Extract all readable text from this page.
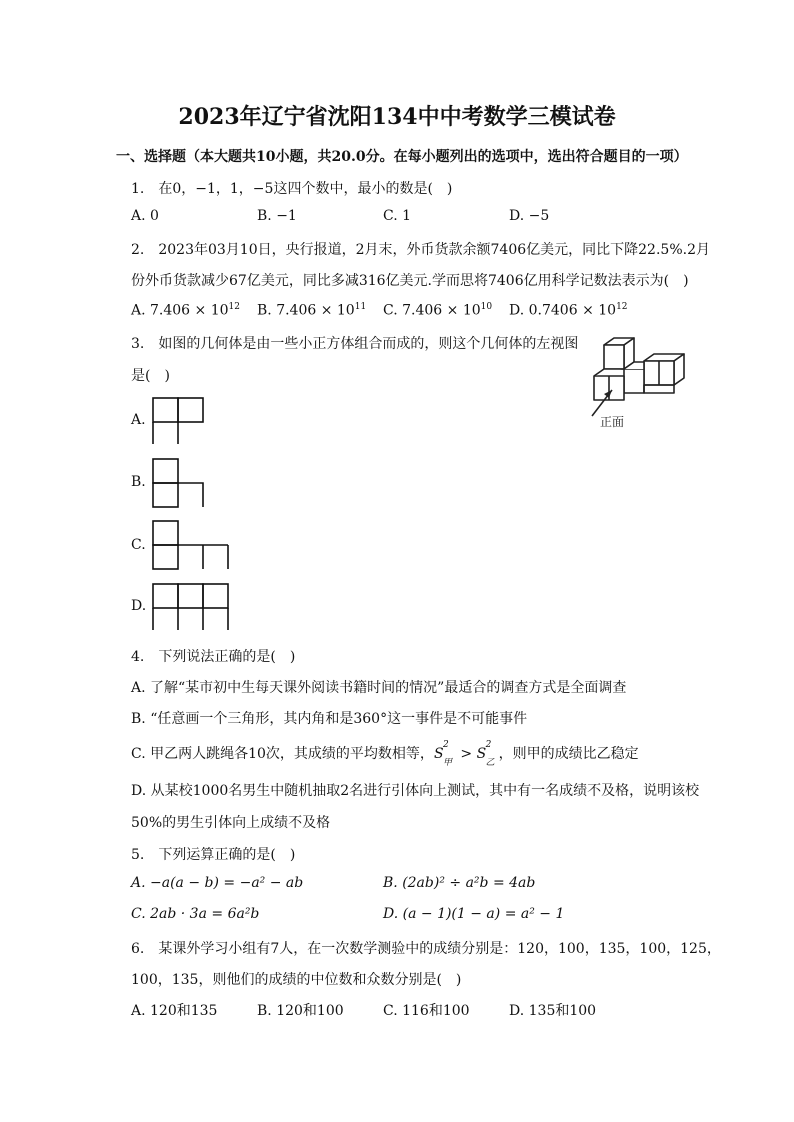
2023年辽宁省沈阳134中中考数学三模试卷
一、选择题（本大题共10小题，共20.0分。在每小题列出的选项中，选出符合题目的一项）
1.　在0，−1，1，−5这四个数中，最小的数是(　)
A. 0	B. −1	C. 1	D. −5
2.　2023年03月10日，央行报道，2月末，外币货款余额7406亿美元，同比下降22.5%.2月
份外币货款减少67亿美元，同比多减316亿美元.学而思将7406亿用科学记数法表示为(　)
A. $7.406 \times 10^{12}$ B. $7.406 \times 10^{11}$ C. $7.406 \times 10^{10}$ D. $0.7406 \times 10^{12}$
3.　如图的几何体是由一些小正方体组合而成的，则这个几何体的左视图
是(　)
正面
A.
B.
C.
D.
4.　下列说法正确的是(　)
A. 了解“某市初中生每天课外阅读书籍时间的情况”最适合的调查方式是全面调查
B. “任意画一个三角形，其内角和是360°这一事件是不可能事件
C. 甲乙两人跳绳各10次，其成绩的平均数相等，S
2
甲
> S
2
乙
，则甲的成绩比乙稳定
D. 从某校1000名男生中随机抽取2名进行引体向上测试，其中有一名成绩不及格，说明该校
50%的男生引体向上成绩不及格
5.　下列运算正确的是(　)
A. −a(a − b) = −a² − ab	B. (2ab)² ÷ a²b = 4ab
C. 2ab · 3a = 6a²b	D. (a − 1)(1 − a) = a² − 1
6.　某课外学习小组有7人，在一次数学测验中的成绩分别是：120，100，135，100，125，
100，135，则他们的成绩的中位数和众数分别是(　)
A. 120和135	B. 120和100	C. 116和100	D. 135和100
